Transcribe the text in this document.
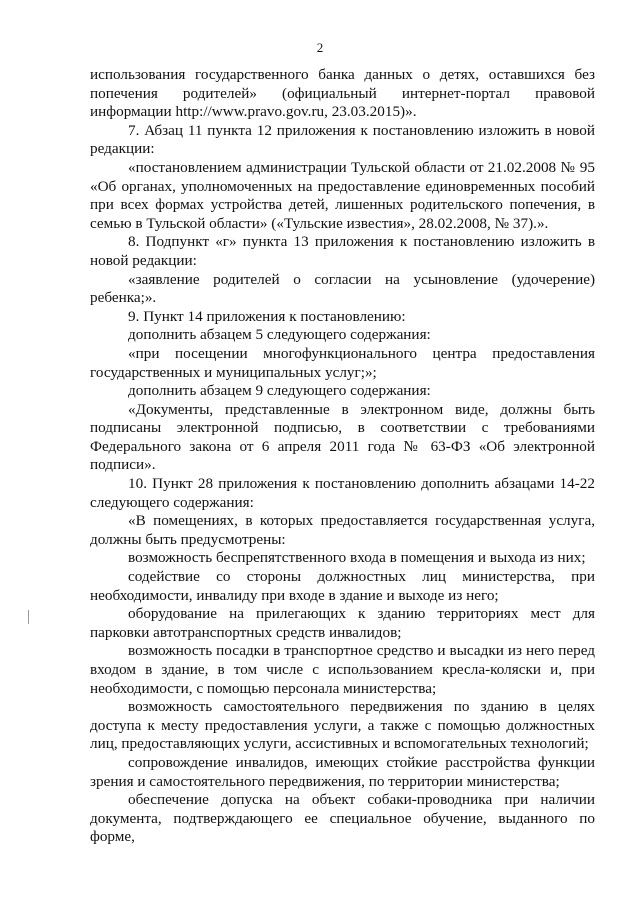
2

использования государственного банка данных о детях, оставшихся без попечения родителей» (официальный интернет-портал правовой информации http://www.pravo.gov.ru, 23.03.2015)».

7. Абзац 11 пункта 12 приложения к постановлению изложить в новой редакции:

«постановлением администрации Тульской области от 21.02.2008 № 95 «Об органах, уполномоченных на предоставление единовременных пособий при всех формах устройства детей, лишенных родительского попечения, в семью в Тульской области» («Тульские известия», 28.02.2008, № 37).».

8. Подпункт «г» пункта 13 приложения к постановлению изложить в новой редакции:

«заявление родителей о согласии на усыновление (удочерение) ребенка;».

9. Пункт 14 приложения к постановлению:

дополнить абзацем 5 следующего содержания:

«при посещении многофункционального центра предоставления государственных и муниципальных услуг;»;

дополнить абзацем 9 следующего содержания:

«Документы, представленные в электронном виде, должны быть подписаны электронной подписью, в соответствии с требованиями Федерального закона от 6 апреля 2011 года № 63-ФЗ «Об электронной подписи».

10. Пункт 28 приложения к постановлению дополнить абзацами 14-22 следующего содержания:

«В помещениях, в которых предоставляется государственная услуга, должны быть предусмотрены:

возможность беспрепятственного входа в помещения и выхода из них;

содействие со стороны должностных лиц министерства, при необходимости, инвалиду при входе в здание и выходе из него;

оборудование на прилегающих к зданию территориях мест для парковки автотранспортных средств инвалидов;

возможность посадки в транспортное средство и высадки из него перед входом в здание, в том числе с использованием кресла-коляски и, при необходимости, с помощью персонала министерства;

возможность самостоятельного передвижения по зданию в целях доступа к месту предоставления услуги, а также с помощью должностных лиц, предоставляющих услуги, ассистивных и вспомогательных технологий;

сопровождение инвалидов, имеющих стойкие расстройства функции зрения и самостоятельного передвижения, по территории министерства;

обеспечение допуска на объект собаки-проводника при наличии документа, подтверждающего ее специальное обучение, выданного по форме,
